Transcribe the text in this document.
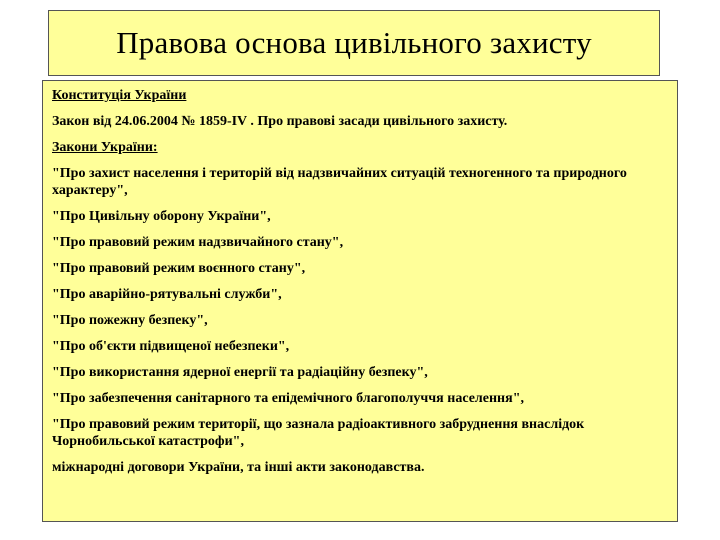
Правова основа цивільного захисту
Конституція України
Закон від 24.06.2004 № 1859-IV . Про правові засади цивільного захисту.
Закони України:
"Про захист населення і територій від надзвичайних ситуацій техногенного та природного характеру",
"Про Цивільну оборону України",
"Про правовий режим надзвичайного стану",
"Про правовий режим воєнного стану",
"Про аварійно-рятувальні служби",
"Про пожежну безпеку",
"Про об'єкти підвищеної небезпеки",
"Про використання ядерної енергії та радіаційну безпеку",
"Про забезпечення санітарного та епідемічного благополуччя населення",
"Про правовий режим території, що зазнала радіоактивного забруднення внаслідок Чорнобильської катастрофи",
міжнародні договори України, та інші акти законодавства.
